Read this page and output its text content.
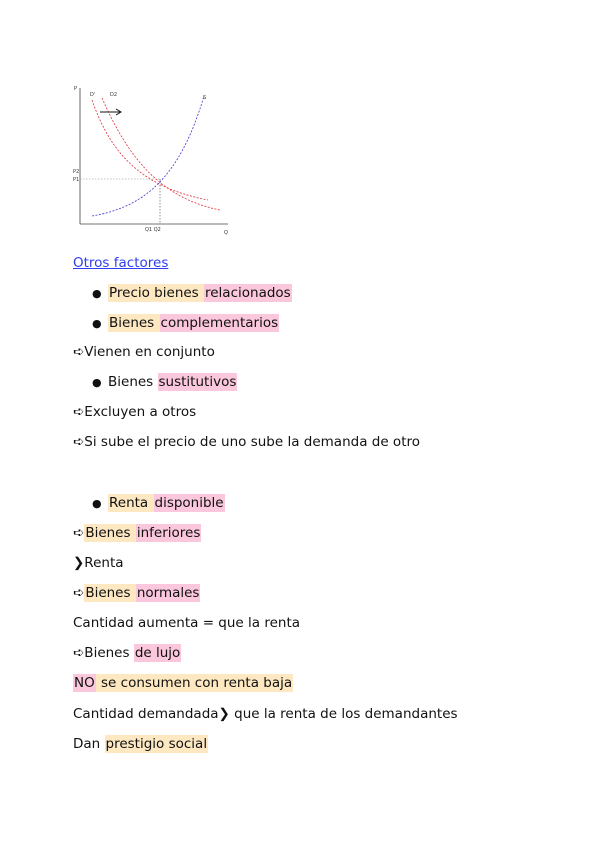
P
Q
D'	D2	S
P2
P1
Q1 Q2
Otros factores
● Precio bienes relacionados
● Bienes complementarios
➪Vienen en conjunto
● Bienes sustitutivos
➪Excluyen a otros
➪Si sube el precio de uno sube la demanda de otro
● Renta disponible
➪Bienes inferiores
❯Renta
➪Bienes normales
Cantidad aumenta = que la renta
➪Bienes de lujo
NO se consumen con renta baja
Cantidad demandada❯ que la renta de los demandantes
Dan prestigio social
